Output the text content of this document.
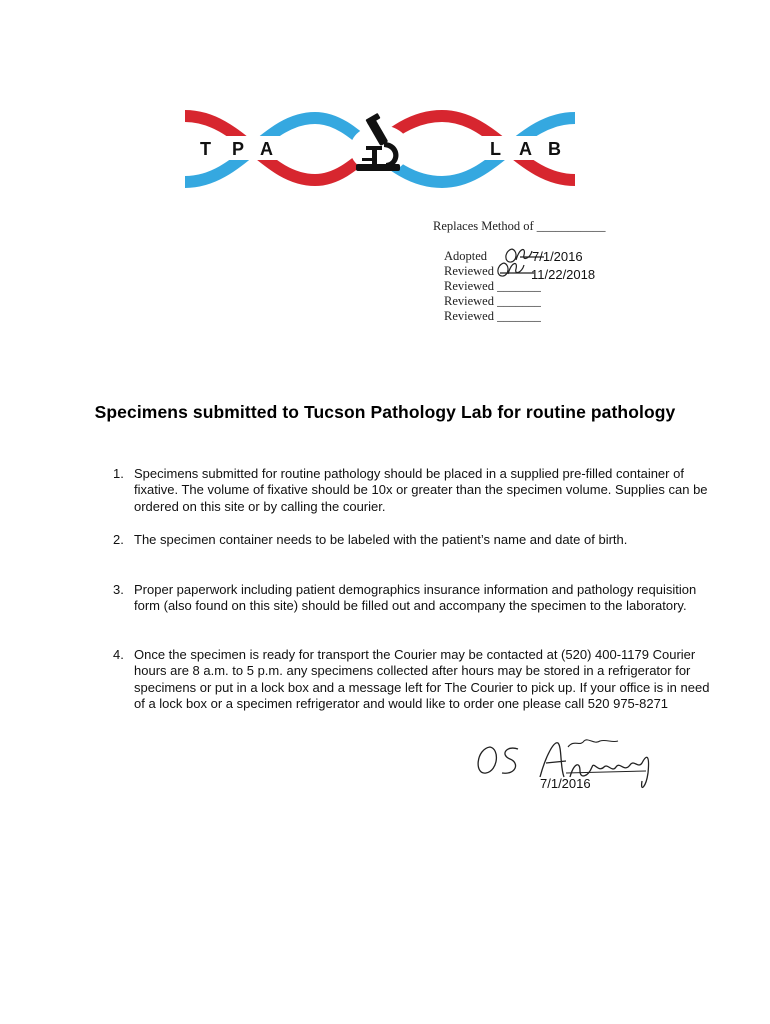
T P A	L A B
Replaces Method of ___________
Adopted	7/1/2016
Reviewed	11/22/2018
Reviewed _______
Reviewed _______
Reviewed _______
Specimens submitted to Tucson Pathology Lab for routine pathology
1. Specimens submitted for routine pathology should be placed in a supplied pre-filled container of fixative. The volume of fixative should be 10x or greater than the specimen volume. Supplies can be ordered on this site or by calling the courier.
2. The specimen container needs to be labeled with the patient’s name and date of birth.
3. Proper paperwork including patient demographics insurance information and pathology requisition form (also found on this site) should be filled out and accompany the specimen to the laboratory.
4. Once the specimen is ready for transport the Courier may be contacted at (520) 400-1179 Courier hours are 8 a.m. to 5 p.m. any specimens collected after hours may be stored in a refrigerator for specimens or put in a lock box and a message left for The Courier to pick up. If your office is in need of a lock box or a specimen refrigerator and would like to order one please call 520 975-8271
7/1/2016
